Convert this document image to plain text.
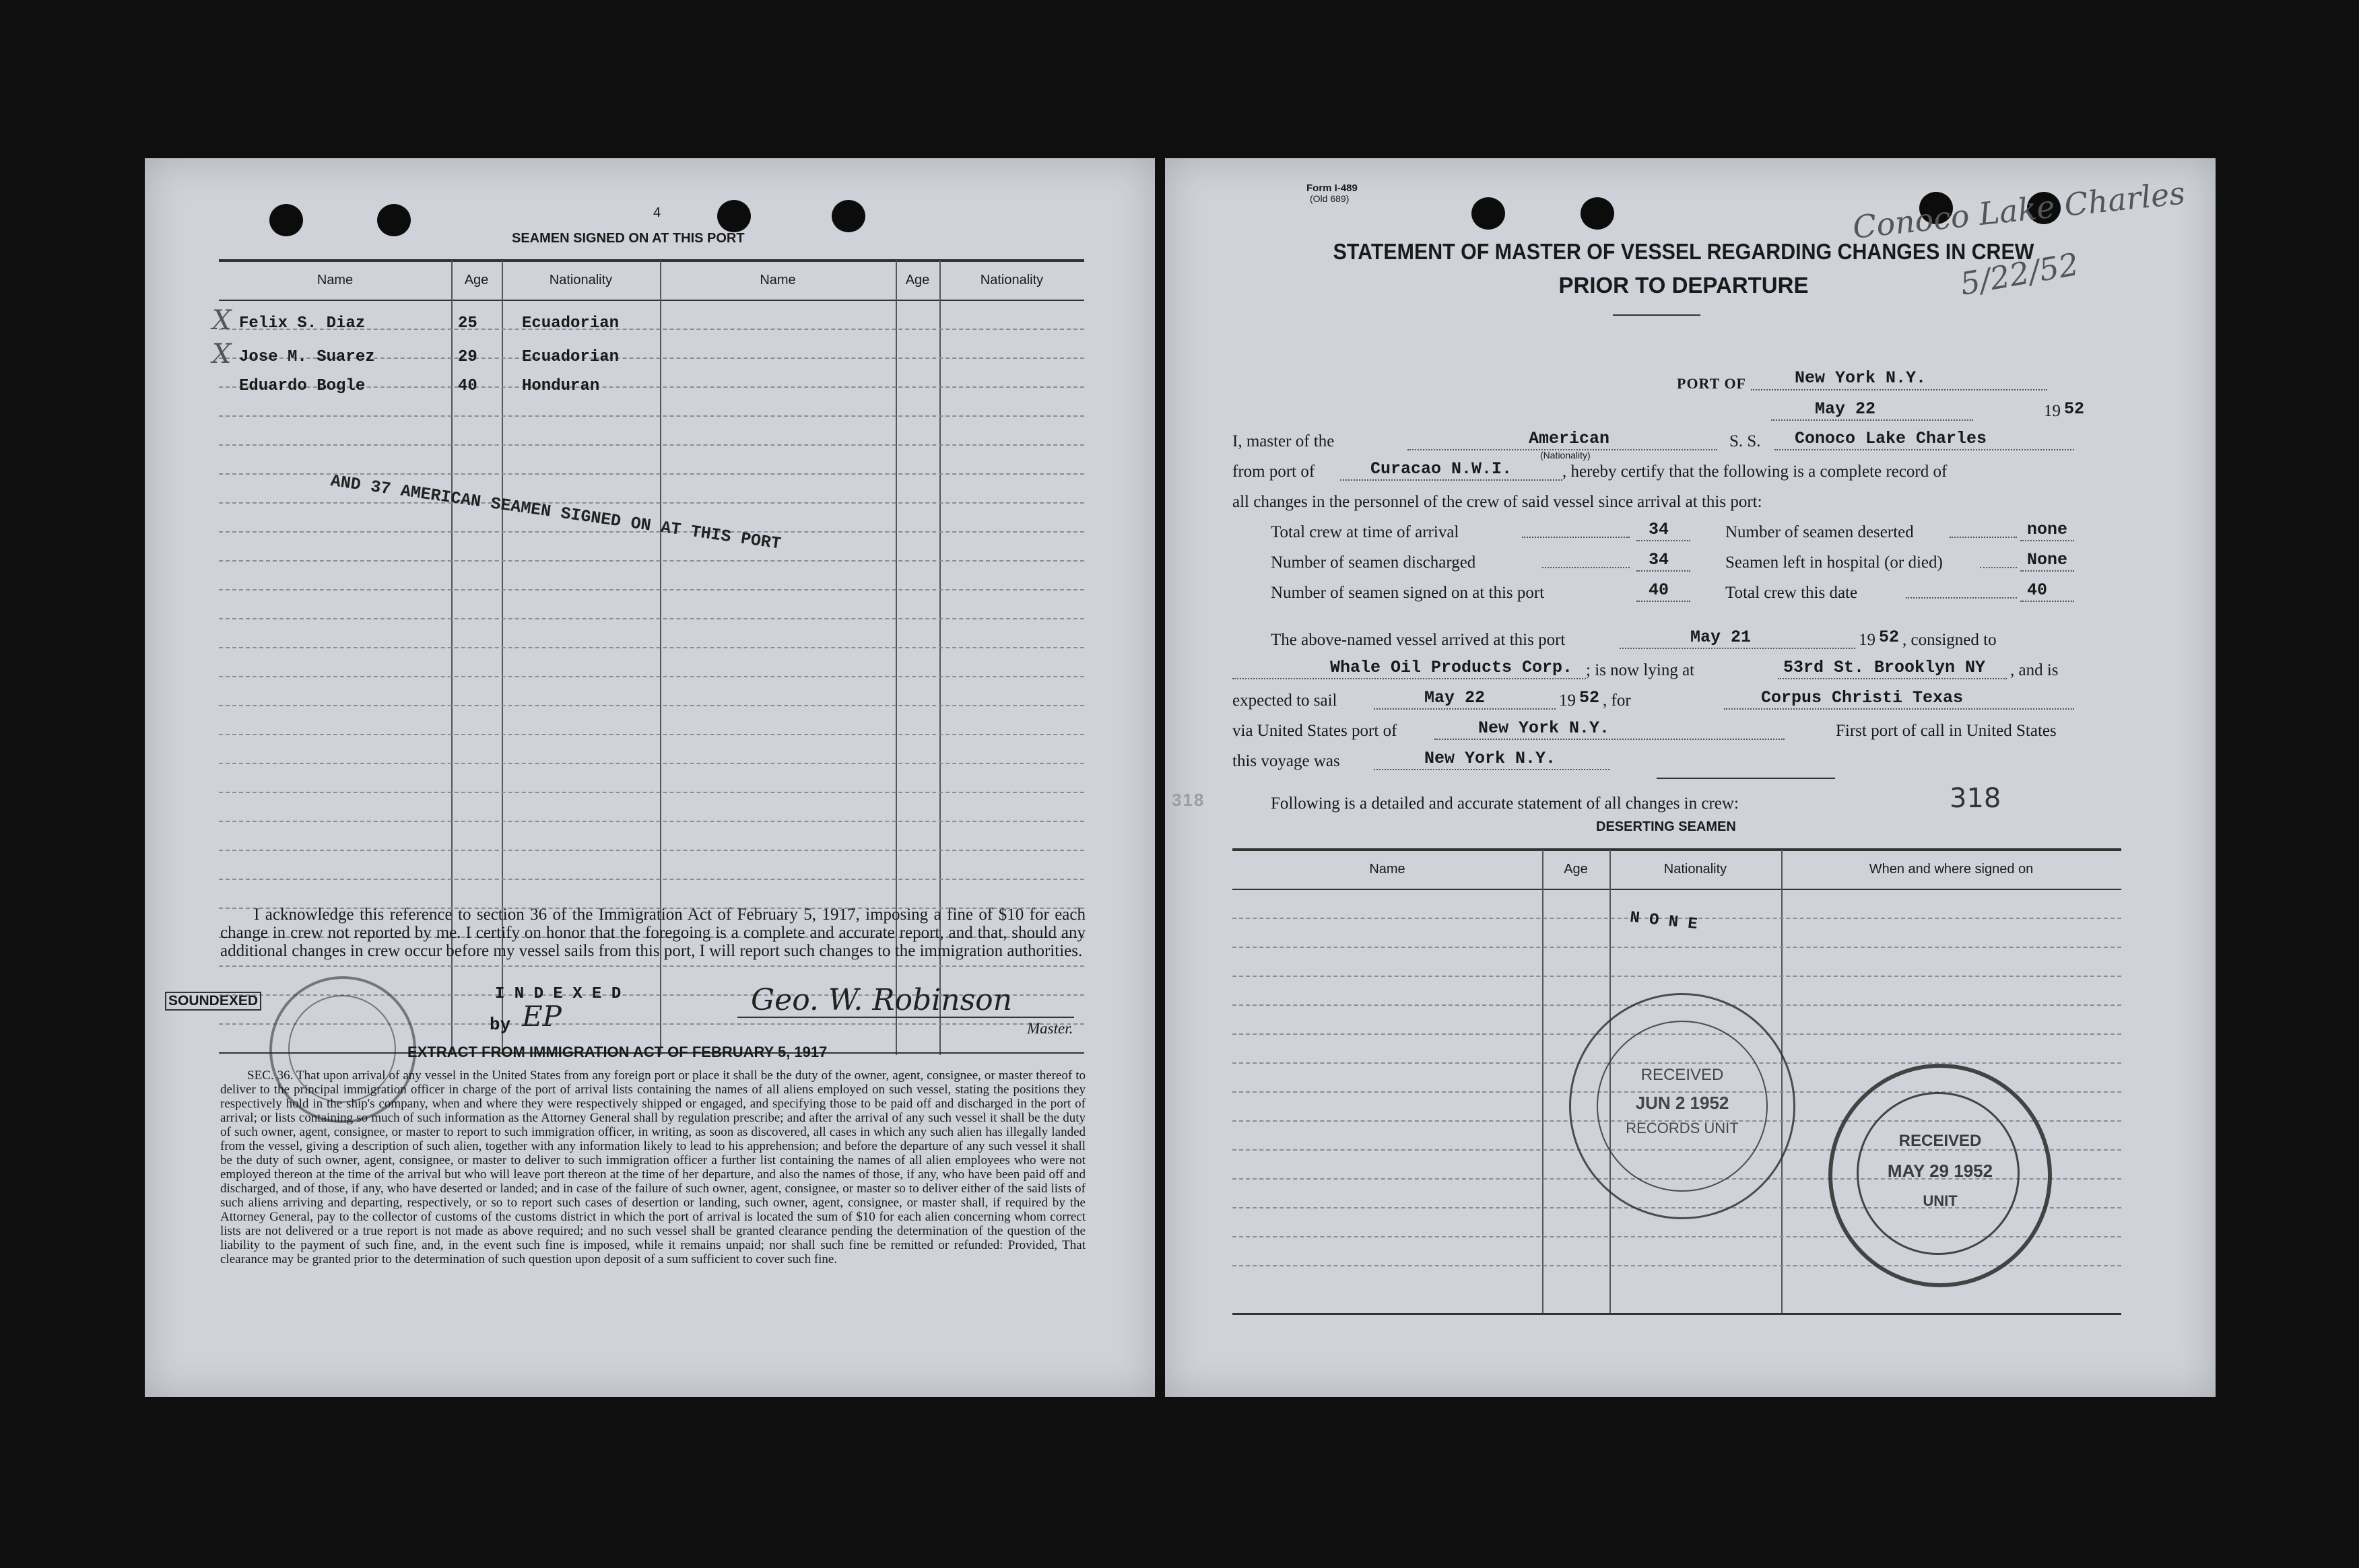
4
SEAMEN SIGNED ON AT THIS PORT
Name	Age	Nationality	Name	Age	Nationality
X Felix S. Diaz	25	Ecuadorian
X Jose M. Suarez	29	Ecuadorian
Eduardo Bogle	40	Honduran
AND 37 AMERICAN SEAMEN SIGNED ON AT THIS PORT
I acknowledge this reference to section 36 of the Immigration Act of February 5, 1917, imposing a fine of $10 for each change in crew not reported by me. I certify on honor that the foregoing is a complete and accurate report, and that, should any additional changes in crew occur before my vessel sails from this port, I will report such changes to the immigration authorities.
SOUNDEXED	I N D E X E D
by EP	Geo. W. Robinson
Master.
EXTRACT FROM IMMIGRATION ACT OF FEBRUARY 5, 1917
SEC. 36. That upon arrival of any vessel in the United States from any foreign port or place it shall be the duty of the owner, agent, consignee, or master thereof to deliver to the principal immigration officer in charge of the port of arrival lists containing the names of all aliens employed on such vessel, stating the positions they respectively hold in the ship's company, when and where they were respectively shipped or engaged, and specifying those to be paid off and discharged in the port of arrival; or lists containing so much of such information as the Attorney General shall by regulation prescribe; and after the arrival of any such vessel it shall be the duty of such owner, agent, consignee, or master to report to such immigration officer, in writing, as soon as discovered, all cases in which any such alien has illegally landed from the vessel, giving a description of such alien, together with any information likely to lead to his apprehension; and before the departure of any such vessel it shall be the duty of such owner, agent, consignee, or master to deliver to such immigration officer a further list containing the names of all alien employees who were not employed thereon at the time of the arrival but who will leave port thereon at the time of her departure, and also the names of those, if any, who have been paid off and discharged, and of those, if any, who have deserted or landed; and in case of the failure of such owner, agent, consignee, or master so to deliver either of the said lists of such aliens arriving and departing, respectively, or so to report such cases of desertion or landing, such owner, agent, consignee, or master shall, if required by the Attorney General, pay to the collector of customs of the customs district in which the port of arrival is located the sum of $10 for each alien concerning whom correct lists are not delivered or a true report is not made as above required; and no such vessel shall be granted clearance pending the determination of the question of the liability to the payment of such fine, and, in the event such fine is imposed, while it remains unpaid; nor shall such fine be remitted or refunded: Provided, That clearance may be granted prior to the determination of such question upon deposit of a sum sufficient to cover such fine.
Form I-489
(Old 689)	Conoco Lake Charles
5/22/52
STATEMENT OF MASTER OF VESSEL REGARDING CHANGES IN CREW
PRIOR TO DEPARTURE
PORT OF	New York N.Y.
May 22	19 52
I, master of the	American
(Nationality)
S. S. Conoco Lake Charles
from port of	Curacao N.W.I.	, hereby certify that the following is a complete record of
all changes in the personnel of the crew of said vessel since arrival at this port:
Total crew at time of arrival	34	Number of seamen deserted	none
Number of seamen discharged	34	Seamen left in hospital (or died)	None
Number of seamen signed on at this port	40	Total crew this date	40
The above-named vessel arrived at this port	May 21	19 52 , consigned to
Whale Oil Products Corp. ; is now lying at	53rd St. Brooklyn NY , and is
expected to sail	May 22	19 52 , for	Corpus Christi Texas
via United States port of	New York N.Y.	First port of call in United States
this voyage was	New York N.Y.
318	Following is a detailed and accurate statement of all changes in crew:	318
DESERTING SEAMEN
Name	Age	Nationality	When and where signed on
N O N E
RECEIVED
JUN 2 1952
RECORDS UNIT
RECEIVED
MAY 29 1952
UNIT
